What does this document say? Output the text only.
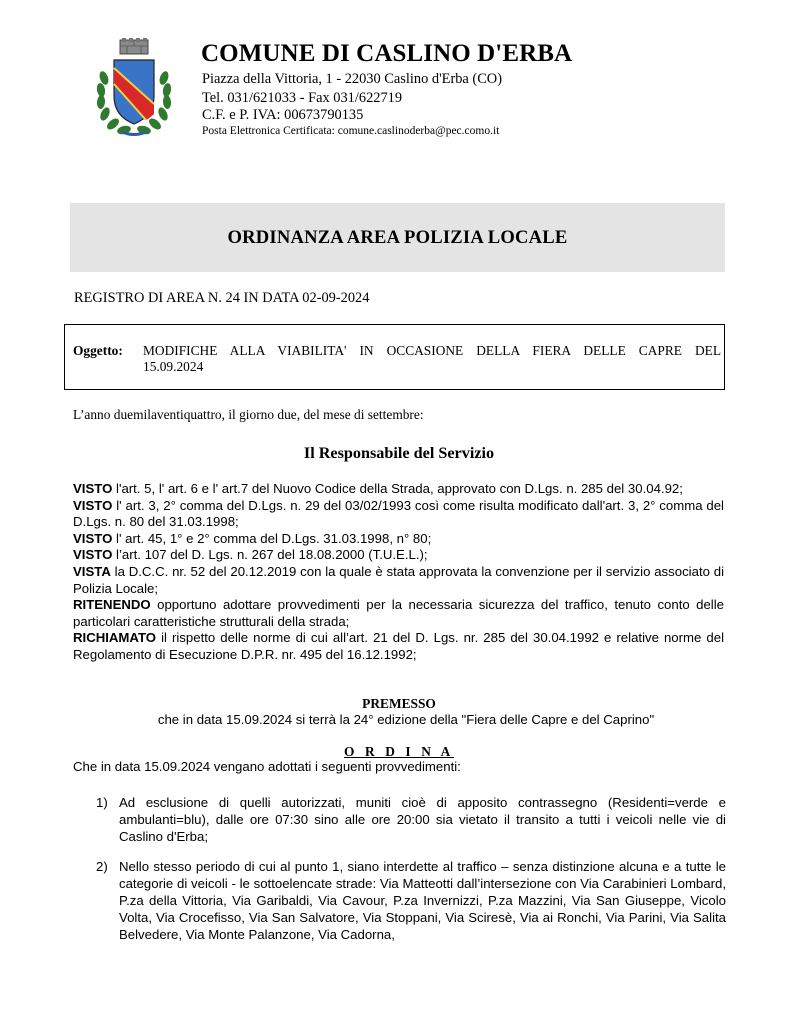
COMUNE DI CASLINO D'ERBA
Piazza della Vittoria, 1 - 22030 Caslino d'Erba (CO)
Tel. 031/621033 - Fax 031/622719
C.F. e P. IVA: 00673790135
Posta Elettronica Certificata: comune.caslinoderba@pec.como.it
ORDINANZA AREA POLIZIA LOCALE
REGISTRO DI AREA N. 24 IN DATA 02-09-2024
Oggetto: MODIFICHE ALLA VIABILITA' IN OCCASIONE DELLA FIERA DELLE CAPRE DEL
15.09.2024
L’anno duemilaventiquattro, il giorno due, del mese di settembre:
Il Responsabile del Servizio

VISTO l'art. 5, l' art. 6 e l' art.7 del Nuovo Codice della Strada, approvato con D.Lgs. n. 285 del 30.04.92;

VISTO l' art. 3, 2° comma del D.Lgs. n. 29 del 03/02/1993 così come risulta modificato dall'art. 3, 2° comma del D.Lgs. n. 80 del 31.03.1998;

VISTO l' art. 45, 1° e 2° comma del D.Lgs. 31.03.1998, n° 80;

VISTO l’art. 107 del D. Lgs. n. 267 del 18.08.2000 (T.U.E.L.);

VISTA la D.C.C. nr. 52 del 20.12.2019 con la quale è stata approvata la convenzione per il servizio associato di Polizia Locale;

RITENENDO opportuno adottare provvedimenti per la necessaria sicurezza del traffico, tenuto conto delle particolari caratteristiche strutturali della strada;

RICHIAMATO il rispetto delle norme di cui all’art. 21 del D. Lgs. nr. 285 del 30.04.1992 e relative norme del Regolamento di Esecuzione D.P.R. nr. 495 del 16.12.1992;

PREMESSO
che in data 15.09.2024 si terrà la 24° edizione della "Fiera delle Capre e del Caprino"
O R D I N A
Che in data 15.09.2024 vengano adottati i seguenti provvedimenti:
1) Ad esclusione di quelli autorizzati, muniti cioè di apposito contrassegno (Residenti=verde e ambulanti=blu), dalle ore 07:30 sino alle ore 20:00 sia vietato il transito a tutti i veicoli nelle vie di Caslino d'Erba;
2) Nello stesso periodo di cui al punto 1, siano interdette al traffico – senza distinzione alcuna e a tutte le categorie di veicoli - le sottoelencate strade: Via Matteotti dall’intersezione con Via Carabinieri Lombard, P.za della Vittoria, Via Garibaldi, Via Cavour, P.za Invernizzi, P.za Mazzini, Via San Giuseppe, Vicolo Volta, Via Crocefisso, Via San Salvatore, Via Stoppani, Via Sciresè, Via ai Ronchi, Via Parini, Via Salita Belvedere, Via Monte Palanzone, Via Cadorna,
